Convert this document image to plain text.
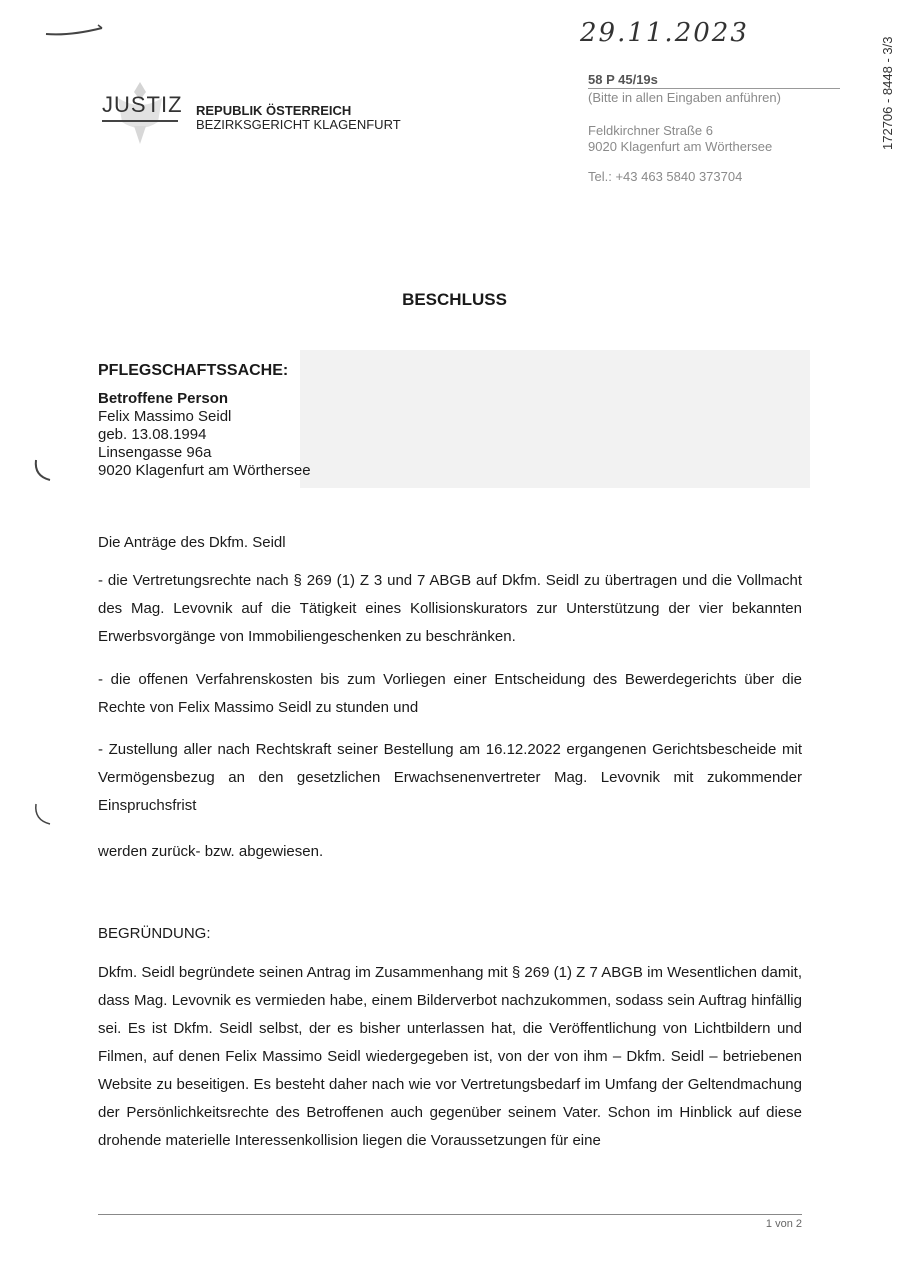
29.11.2023
172706 - 8448 - 3/3
JUSTIZ REPUBLIK ÖSTERREICH
BEZIRKSGERICHT KLAGENFURT
58 P 45/19s
(Bitte in allen Eingaben anführen)
Feldkirchner Straße 6
9020 Klagenfurt am Wörthersee
Tel.: +43 463 5840 373704
BESCHLUSS
PFLEGSCHAFTSSACHE:
Betroffene Person
Felix Massimo Seidl
geb. 13.08.1994
Linsengasse 96a
9020 Klagenfurt am Wörthersee

Die Anträge des Dkfm. Seidl

- die Vertretungsrechte nach § 269 (1) Z 3 und 7 ABGB auf Dkfm. Seidl zu übertragen und die Vollmacht des Mag. Levovnik auf die Tätigkeit eines Kollisionskurators zur Unterstützung der vier bekannten Erwerbsvorgänge von Immobiliengeschenken zu beschränken.

- die offenen Verfahrenskosten bis zum Vorliegen einer Entscheidung des Bewerdegerichts über die Rechte von Felix Massimo Seidl zu stunden und

- Zustellung aller nach Rechtskraft seiner Bestellung am 16.12.2022 ergangenen Gerichtsbescheide mit Vermögensbezug an den gesetzlichen Erwachsenenvertreter Mag. Levovnik mit zukommender Einspruchsfrist

werden zurück- bzw. abgewiesen.

BEGRÜNDUNG:

Dkfm. Seidl begründete seinen Antrag im Zusammenhang mit § 269 (1) Z 7 ABGB im Wesentlichen damit, dass Mag. Levovnik es vermieden habe, einem Bilderverbot nachzukommen, sodass sein Auftrag hinfällig sei. Es ist Dkfm. Seidl selbst, der es bisher unterlassen hat, die Veröffentlichung von Lichtbildern und Filmen, auf denen Felix Massimo Seidl wiedergegeben ist, von der von ihm – Dkfm. Seidl – betriebenen Website zu beseitigen. Es besteht daher nach wie vor Vertretungsbedarf im Umfang der Geltendmachung der Persönlichkeitsrechte des Betroffenen auch gegenüber seinem Vater. Schon im Hinblick auf diese drohende materielle Interessenkollision liegen die Voraussetzungen für eine

1 von 2
